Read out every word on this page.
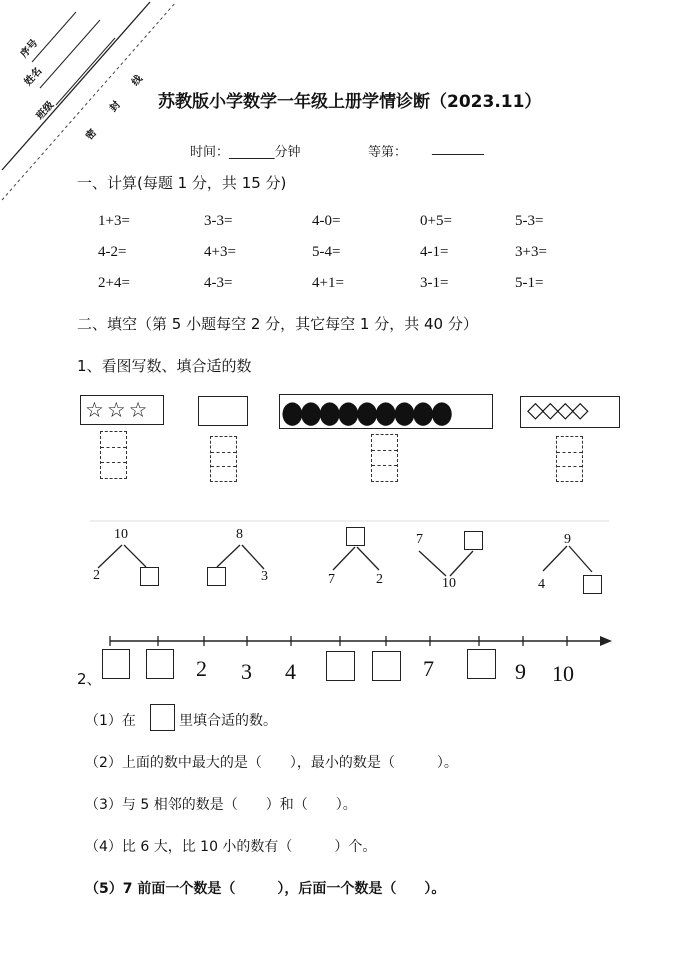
序号
姓名
班级
密
封
线
苏教版小学数学一年级上册学情诊断（2023.11）
时间：_______分钟	等第： ________
一、计算(每题 1 分，共 15 分)
1+3=	3-3=	4-0=	0+5=	5-3=
4-2=	4+3=	5-4=	4-1=	3+3=
2+4=	4-3=	4+1=	3-1=	5-1=
二、填空（第 5 小题每空 2 分，其它每空 1 分，共 40 分）
1、看图写数、填合适的数
☆☆☆	●●●●●●●●●	◇◇◇◇
10
2
8
3	7	2
7
10
9
4
2、	2 3 4	7	9 10
（1）在	里填合适的数。
（2）上面的数中最大的是（　　），最小的数是（　　　）。
（3）与 5 相邻的数是（　　）和（　　）。
（4）比 6 大，比 10 小的数有（　　　）个。
（5）7 前面一个数是（　　　），后面一个数是（　　）。
